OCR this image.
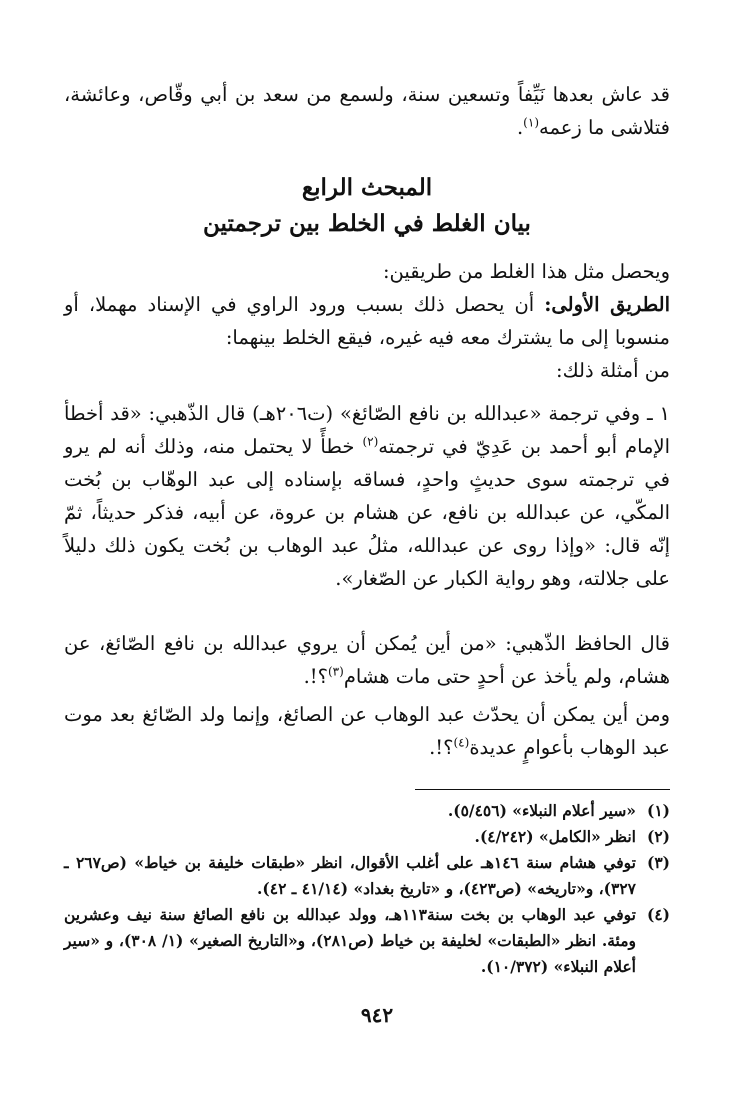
قد عاش بعدها نَيِّفاً وتسعين سنة، ولسمع من سعد بن أبي وقّاص، وعائشة، فتلاشى ما زعمه$^{(١)}$.
المبحث الرابع
بيان الغلط في الخلط بين ترجمتين
ويحصل مثل هذا الغلط من طريقين:
الطريق الأولى: أن يحصل ذلك بسبب ورود الراوي في الإسناد مهملا، أو منسوبا إلى ما يشترك معه فيه غيره، فيقع الخلط بينهما:
من أمثلة ذلك:
١ ـ وفي ترجمة «عبدالله بن نافع الصّائغ» (ت٢٠٦هـ) قال الذّهبي: «قد أخطأ الإمام أبو أحمد بن عَدِيّ في ترجمته$^{(٢)}$ خطأً لا يحتمل منه، وذلك أنه لم يرو في ترجمته سوى حديثٍ واحدٍ، فساقه بإسناده إلى عبد الوهّاب بن بُخت المكّي، عن عبدالله بن نافع، عن هشام بن عروة، عن أبيه، فذكر حديثاً، ثمّ إنّه قال: «وإذا روى عن عبدالله، مثلُ عبد الوهاب بن بُخت يكون ذلك دليلاً على جلالته، وهو رواية الكبار عن الصّغار».
قال الحافظ الذّهبي: «من أين يُمكن أن يروي عبدالله بن نافع الصّائغ، عن هشام، ولم يأخذ عن أحدٍ حتى مات هشام$^{(٣)}$؟!.
ومن أين يمكن أن يحدّث عبد الوهاب عن الصائغ، وإنما ولد الصّائغ بعد موت عبد الوهاب بأعوامٍ عديدة$^{(٤)}$؟!.
(١)
«سير أعلام النبلاء» (٥/٤٥٦).
(٢)
انظر «الكامل» (٤/٢٤٢).
(٣)
توفي هشام سنة ١٤٦هـ على أغلب الأقوال، انظر «طبقات خليفة بن خياط» (ص٢٦٧ ـ ٣٢٧)، و«تاريخه» (ص٤٢٣)، و «تاريخ بغداد» (٤١/١٤ ـ ٤٢).
(٤)
توفي عبد الوهاب بن بخت سنة١١٣هـ، وولد عبدالله بن نافع الصائغ سنة نيف وعشرين ومئة. انظر «الطبقات» لخليفة بن خياط (ص٢٨١)، و«التاريخ الصغير» (١/ ٣٠٨)، و «سير أعلام النبلاء» (١٠/٣٧٢).
٩٤٢
